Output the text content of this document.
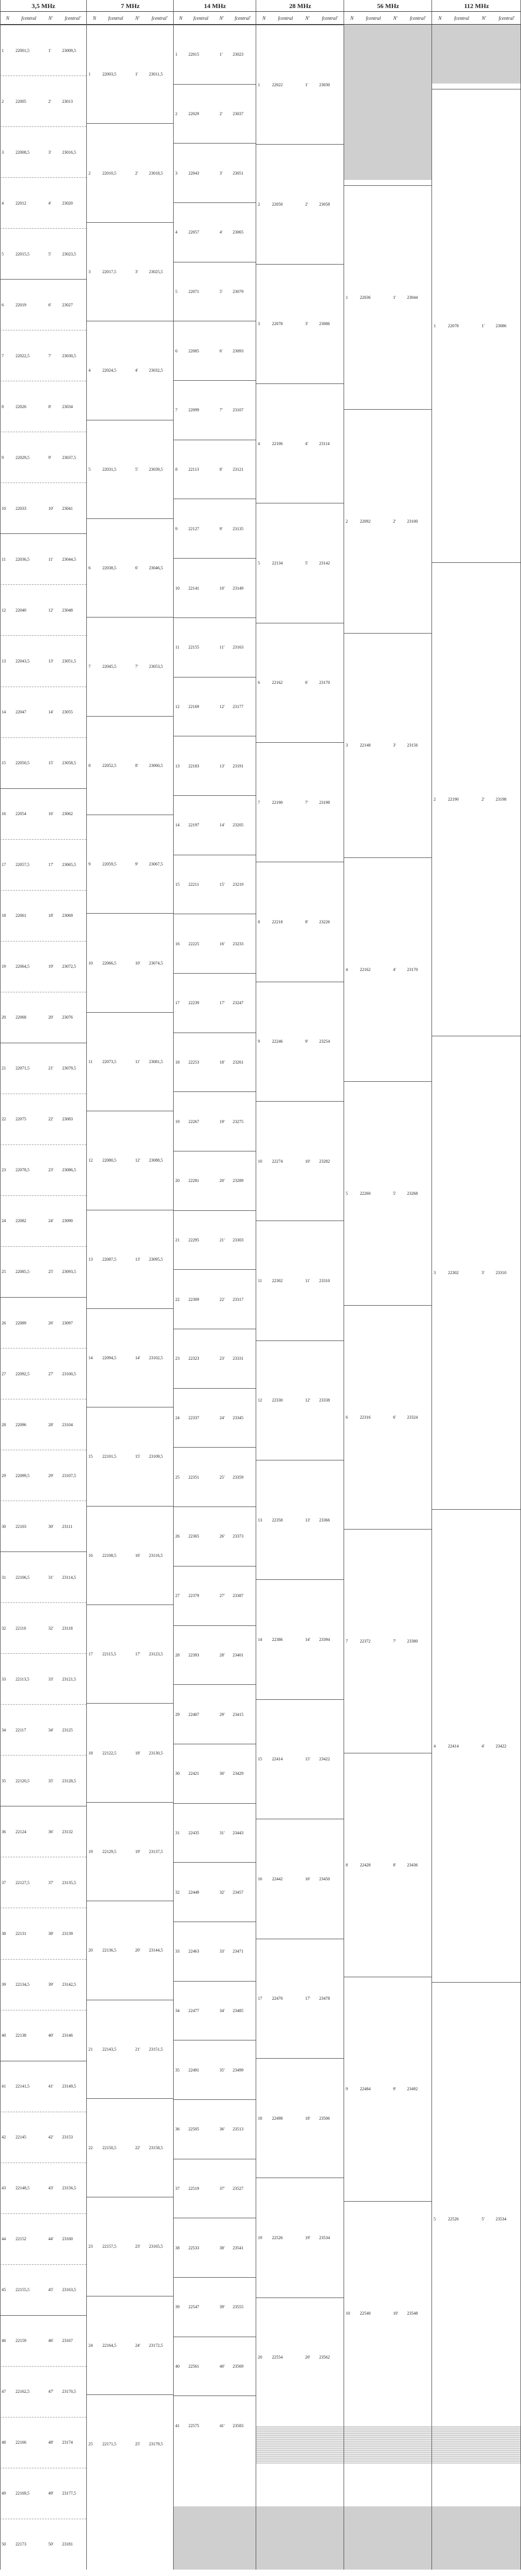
3,5 MHz	7 MHz	14 MHz	28 MHz	56 MHz	112 MHz
N	fcentral	N'	fcentral'	N	fcentral	N'	fcentral' N fcentral N' fcentral' N	fcentral	N'	fcentral'	N	fcentral	N'	fcentral'	N	fcentral	N'	fcentral'
1	22001,5	1'	23009,5
2	22005	2'	23013
3	22008,5	3'	23016,5
4	22012	4'	23020
5	22015,5	5'	23023,5
6	22019	6'	23027
7	22022,5	7'	23030,5
8	22026	8'	23034
9	22029,5	9'	23037,5
10	22033	10'	23041
11	22036,5	11'	23044,5
12	22040	12'	23048
13	22043,5	13'	23051,5
14	22047	14'	23055
15	22050,5	15'	23058,5
16	22054	16'	23062
17	22057,5	17'	23065,5
18	22061	18'	23069
19	22064,5	19'	23072,5
20	22068	20'	23076
21	22071,5	21'	23079,5
22	22075	22'	23083
23	22078,5	23'	23086,5
24	22082	24'	23090
25	22085,5	25'	23093,5
26	22089	26'	23097
27	22092,5	27'	23100,5
28	22096	28'	23104
29	22099,5	29'	23107,5
30	22103	30'	23111
31	22106,5	31'	23114,5
32	22110	32'	23118
33	22113,5	33'	23121,5
34	22117	34'	23125
35	22120,5	35'	23128,5
36	22124	36'	23132
37	22127,5	37'	23135,5
38	22131	38'	23139
39	22134,5	39'	23142,5
40	22138	40'	23146
41	22141,5	41'	23149,5
42	22145	42'	23153
43	22148,5	43'	23156,5
44	22152	44'	23160
45	22155,5	45'	23163,5
46	22159	46'	23167
47	22162,5	47'	23170,5
48	22166	48'	23174
49	22169,5	49'	23177,5
50	22173	50'	23181
1	22003,5	1'	23011,5
2	22010,5	2'	23018,5
3	22017,5	3'	23025,5
4	22024,5	4'	23032,5
5	22031,5	5'	23039,5
6	22038,5	6'	23046,5
7	22045,5	7'	23053,5
8	22052,5	8'	23060,5
9	22059,5	9'	23067,5
10	22066,5	10'	23074,5
11	22073,5	11'	23081,5
12	22080,5	12'	23088,5
13	22087,5	13'	23095,5
14	22094,5	14'	23102,5
15	22101,5	15'	23109,5
16	22108,5	16'	23116,5
17	22115,5	17'	23123,5
18	22122,5	18'	23130,5
19	22129,5	19'	23137,5
20	22136,5	20'	23144,5
21	22143,5	21'	23151,5
22	22150,5	22'	23158,5
23	22157,5	23'	23165,5
24	22164,5	24'	23172,5
25	22171,5	25'	23179,5
1	22015	1'	23023
2	22029	2'	23037
3	22043	3'	23051
4	22057	4'	23065
5	22071	5'	23079
6	22085	6'	23093
7	22099	7'	23107
8	22113	8'	23121
9	22127	9'	23135
10	22141	10'	23149
11	22155	11'	23163
12	22169	12'	23177
13	22183	13'	23191
14	22197	14'	23205
15	22211	15'	23219
16	22225	16'	23233
17	22239	17'	23247
18	22253	18'	23261
19	22267	19'	23275
20	22281	20'	23289
21	22295	21'	23303
22	22309	22'	23317
23	22323	23'	23331
24	22337	24'	23345
25	22351	25'	23359
26	22365	26'	23373
27	22379	27'	23387
28	22393	28'	23401
29	22407	29'	23415
30	22421	30'	23429
31	22435	31'	23443
32	22449	32'	23457
33	22463	33'	23471
34	22477	34'	23485
35	22491	35'	23499
36	22505	36'	23513
37	22519	37'	23527
38	22533	38'	23541
39	22547	39'	23555
40	22561	40'	23569
41	22575	41'	23583
1	22022	1'	23030
2	22050	2'	23058
3	22078	3'	23086
4	22106	4'	23114
5	22134	5'	23142
6	22162	6'	23170
7	22190	7'	23198
8	22218	8'	23226
9	22246	9'	23254
10	22274	10'	23282
11	22302	11'	23310
12	22330	12'	23338
13	22358	13'	23366
14	22386	14'	23394
15	22414	15'	23422
16	22442	16'	23450
17	22470	17'	23478
18	22498	18'	23506
19	22526	19'	23534
20	22554	20'	23562
1	22036	1'	23044
2	22092	2'	23100
3	22148	3'	23156
4	22162	4'	23170
5	22260	5'	23268
6	22316	6'	23324
7	22372	7'	23380
8	22428	8'	23436
9	22484	9'	23492
10	22540	10'	23548
1	22078	1'	23086
2	22190	2'	23198
3	22302	3'	23310
4	22414	4'	23422
5	22526	5'	23534
